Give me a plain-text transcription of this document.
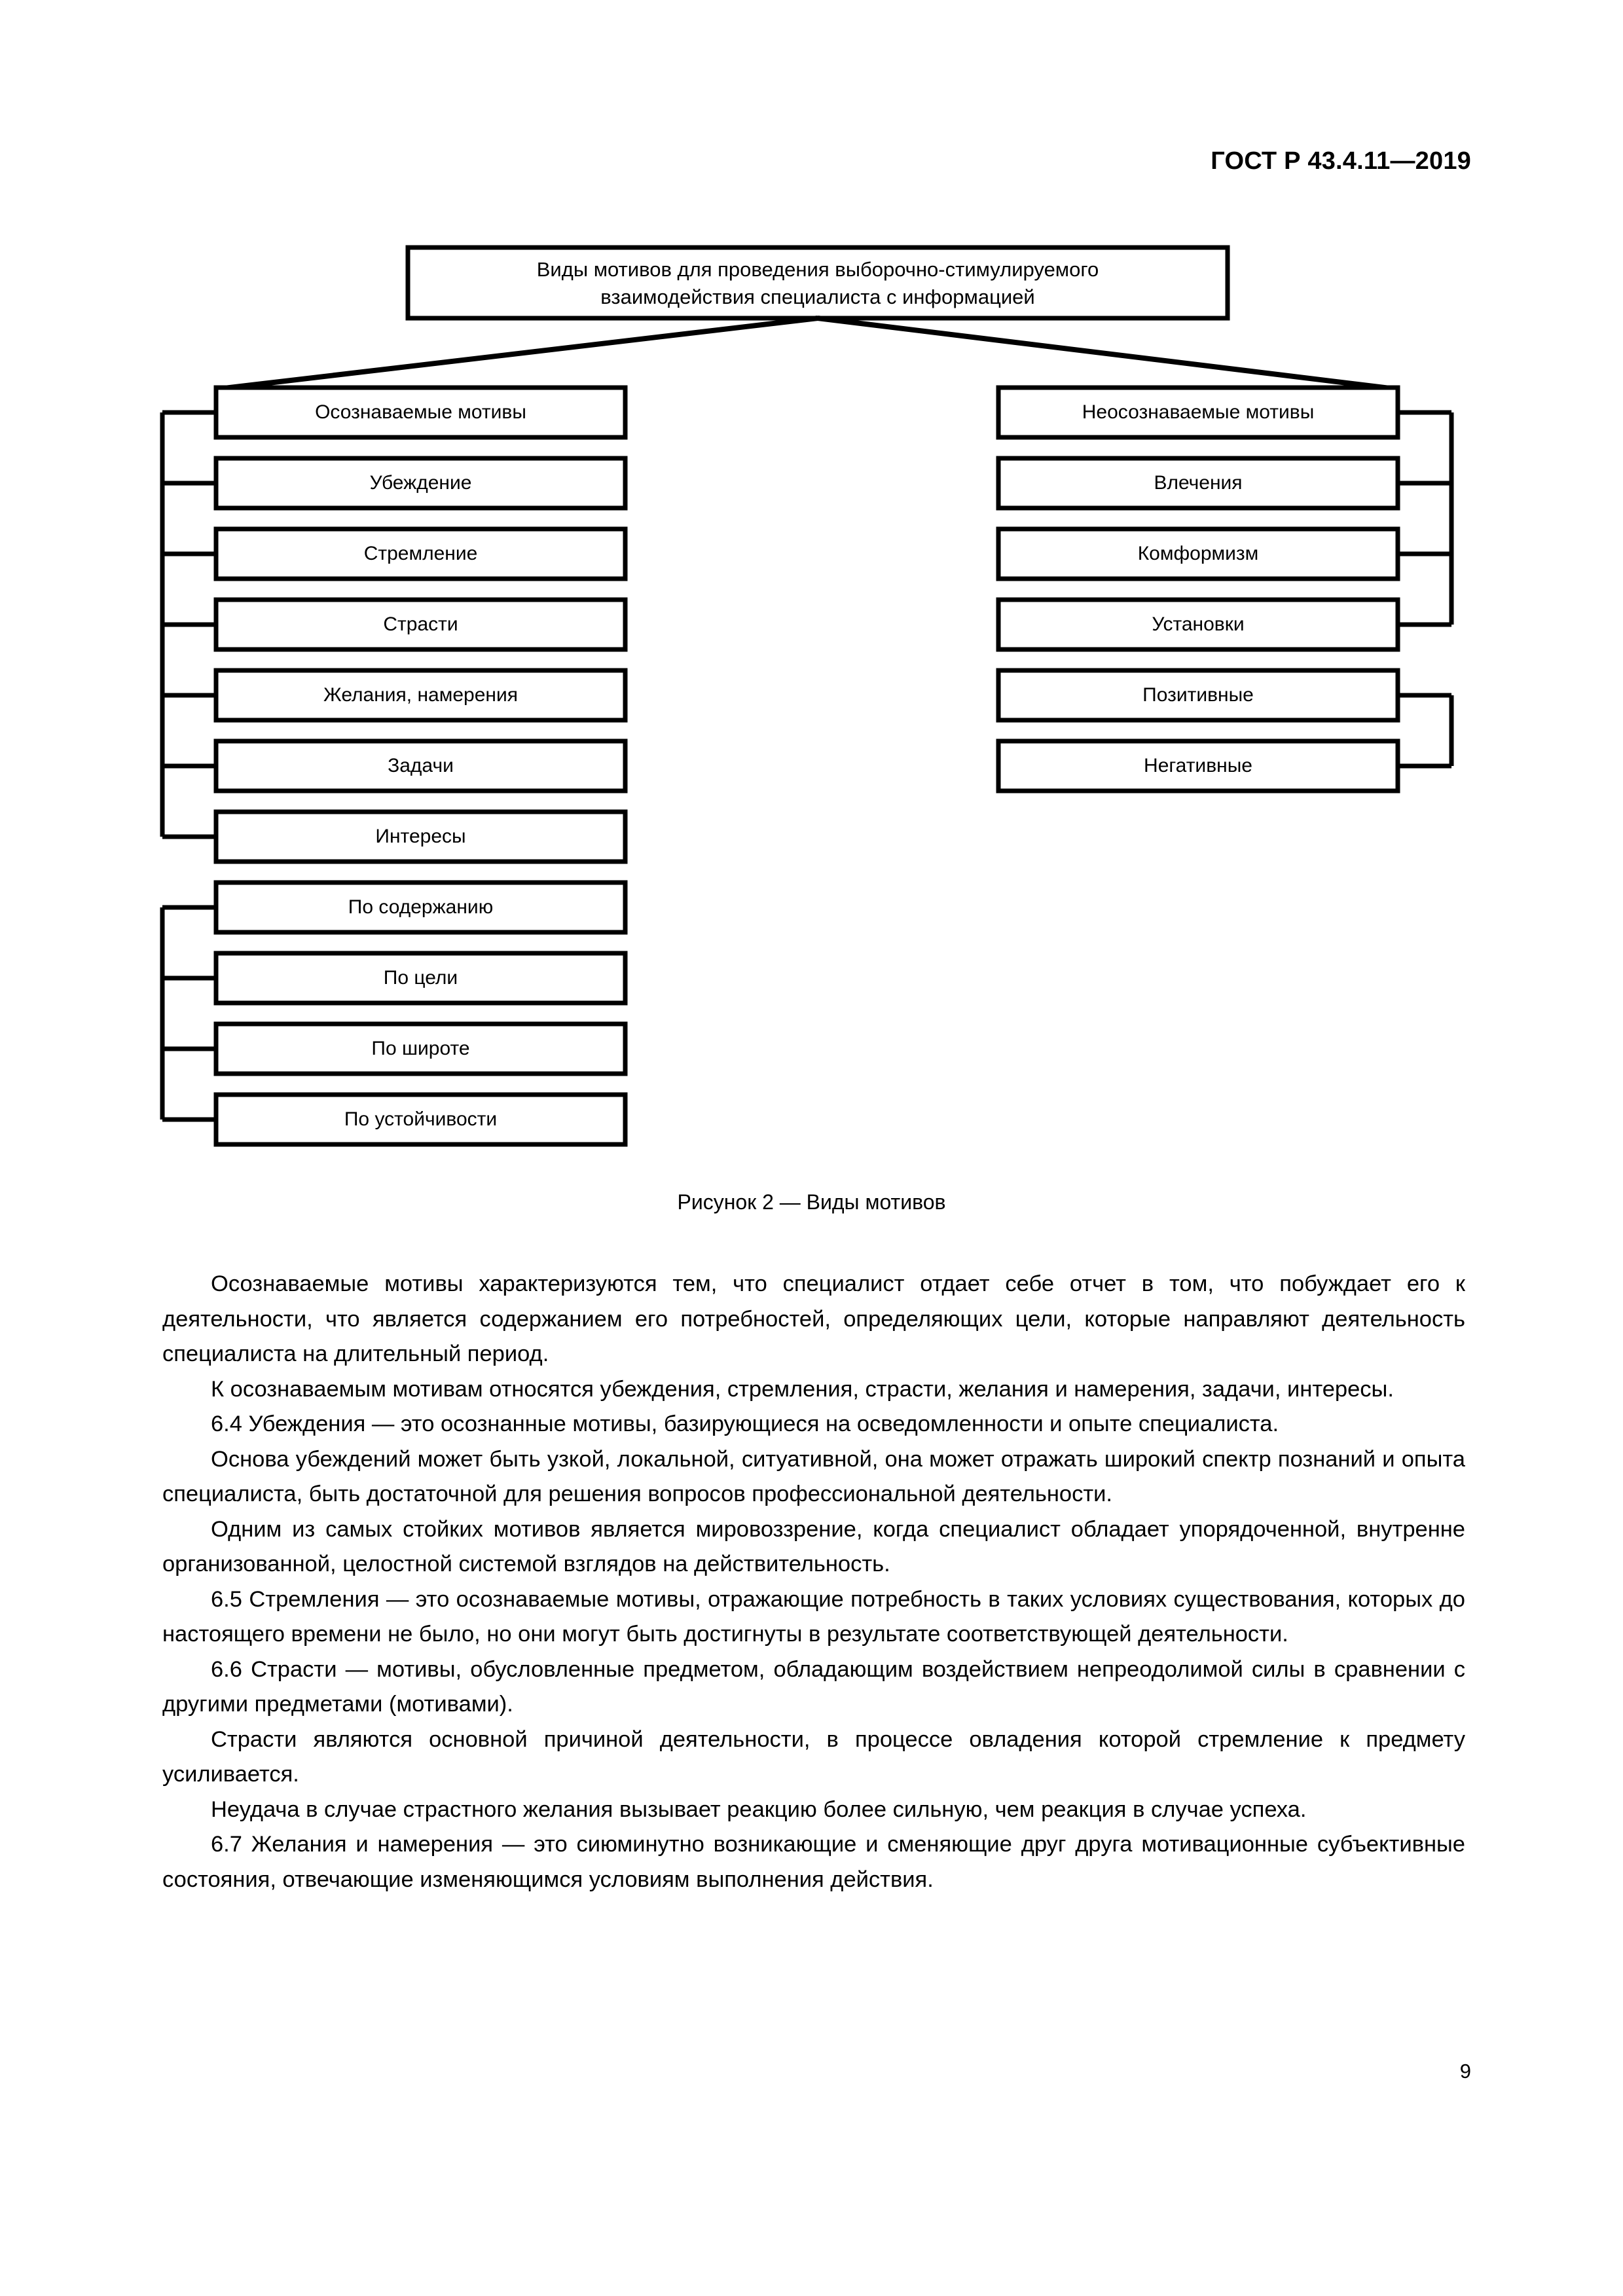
ГОСТ Р 43.4.11—2019
Виды мотивов для проведения выборочно-стимулируемого
взаимодействия специалиста с информацией
Осознаваемые мотивы
Убеждение
Стремление
Страсти
Желания, намерения
Задачи
Интересы
По содержанию
По цели
По широте
По устойчивости
Неосознаваемые мотивы
Влечения
Комформизм
Установки
Позитивные
Негативные
Рисунок 2 — Виды мотивов

Осознаваемые мотивы характеризуются тем, что специалист отдает себе отчет в том, что побуждает его к деятельности, что является содержанием его потребностей, определяющих цели, которые направляют деятельность специалиста на длительный период.

К осознаваемым мотивам относятся убеждения, стремления, страсти, желания и намерения, задачи, интересы.

6.4 Убеждения — это осознанные мотивы, базирующиеся на осведомленности и опыте специалиста.

Основа убеждений может быть узкой, локальной, ситуативной, она может отражать широкий спектр познаний и опыта специалиста, быть достаточной для решения вопросов профессиональной деятельности.

Одним из самых стойких мотивов является мировоззрение, когда специалист обладает упорядоченной, внутренне организованной, целостной системой взглядов на действительность.

6.5 Стремления — это осознаваемые мотивы, отражающие потребность в таких условиях существования, которых до настоящего времени не было, но они могут быть достигнуты в результате соответствующей деятельности.

6.6 Страсти — мотивы, обусловленные предметом, обладающим воздействием непреодолимой силы в сравнении с другими предметами (мотивами).

Страсти являются основной причиной деятельности, в процессе овладения которой стремление к предмету усиливается.

Неудача в случае страстного желания вызывает реакцию более сильную, чем реакция в случае успеха.

6.7 Желания и намерения — это сиюминутно возникающие и сменяющие друг друга мотивационные субъективные состояния, отвечающие изменяющимся условиям выполнения действия.

9
